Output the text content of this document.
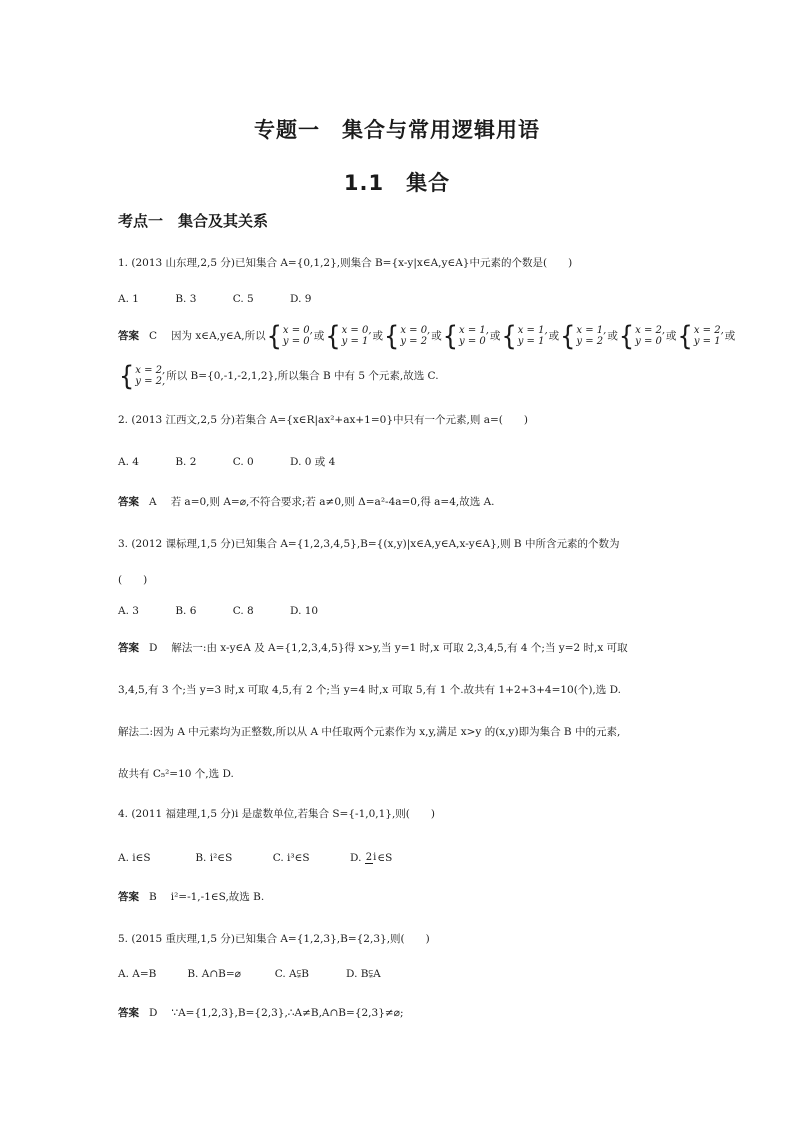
专题一　集合与常用逻辑用语
1.1　集合
考点一　集合及其关系
1. (2013 山东理,2,5 分)已知集合 A={0,1,2},则集合 B={x-y|x∈A,y∈A}中元素的个数是(　　)
A. 1	B. 3	C. 5	D. 9
答案 C 因为 x∈A,y∈A,所以 { x = 0,
y = 0 或 { x = 0,
y = 1 或 { x = 0,
y = 2 或 { x = 1,
y = 0 或 { x = 1,
y = 1 或 { x = 1,
y = 2 或 { x = 2,
y = 0 或 { x = 2,
y = 1 或
{ x = 2,
y = 2, 所以 B={0,-1,-2,1,2},所以集合 B 中有 5 个元素,故选 C.
2. (2013 江西文,2,5 分)若集合 A={x∈R|ax²+ax+1=0}中只有一个元素,则 a=(　　)
A. 4	B. 2	C. 0	D. 0 或 4
答案 A 若 a=0,则 A=⌀,不符合要求;若 a≠0,则 Δ=a²-4a=0,得 a=4,故选 A.
3. (2012 课标理,1,5 分)已知集合 A={1,2,3,4,5},B={(x,y)|x∈A,y∈A,x-y∈A},则 B 中所含元素的个数为
(　　)
A. 3	B. 6	C. 8	D. 10
答案 D 解法一:由 x-y∈A 及 A={1,2,3,4,5}得 x>y,当 y=1 时,x 可取 2,3,4,5,有 4 个;当 y=2 时,x 可取
3,4,5,有 3 个;当 y=3 时,x 可取 4,5,有 2 个;当 y=4 时,x 可取 5,有 1 个.故共有 1+2+3+4=10(个),选 D.
解法二:因为 A 中元素均为正整数,所以从 A 中任取两个元素作为 x,y,满足 x>y 的(x,y)即为集合 B 中的元素,
故共有 C₅²=10 个,选 D.
4. (2011 福建理,1,5 分)i 是虚数单位,若集合 S={-1,0,1},则(　　)
A. i∈S	B. i²∈S	C. i³∈S	D. 2i∈S
答案 B i²=-1,-1∈S,故选 B.
5. (2015 重庆理,1,5 分)已知集合 A={1,2,3},B={2,3},则(　　)
A. A=B	B. A∩B=⌀	C. A⫋B	D. B⫋A
答案 D ∵A={1,2,3},B={2,3},∴A≠B,A∩B={2,3}≠⌀;
